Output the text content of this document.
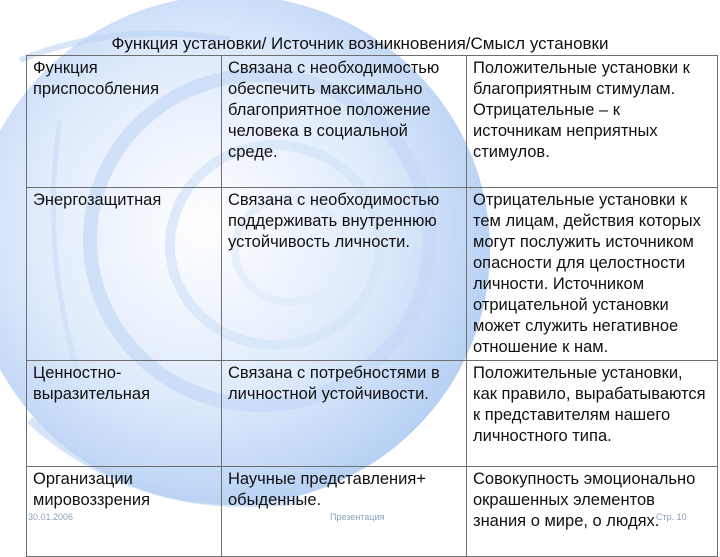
Функция установки/ Источник возникновения/Смысл установки
Функция приспособления	Связана с необходимостью обеспечить максимально благоприятное положение человека в социальной среде.	Положительные установки к благоприятным стимулам. Отрицательные – к источникам неприятных стимулов.
Энергозащитная	Связана с необходимостью поддерживать внутреннюю устойчивость личности.	Отрицательные установки к тем лицам, действия которых могут послужить источником опасности для целостности личности. Источником отрицательной установки может служить негативное отношение к нам.
Ценностно-выразительная	Связана с потребностями в личностной устойчивости.	Положительные установки, как правило, вырабатываются к представителям нашего личностного типа.
Организации мировоззрения	Научные представления+ обыденные.	Совокупность эмоционально окрашенных элементов знания о мире, о людях.
30.01.2006	Презентация	Стр. 10
